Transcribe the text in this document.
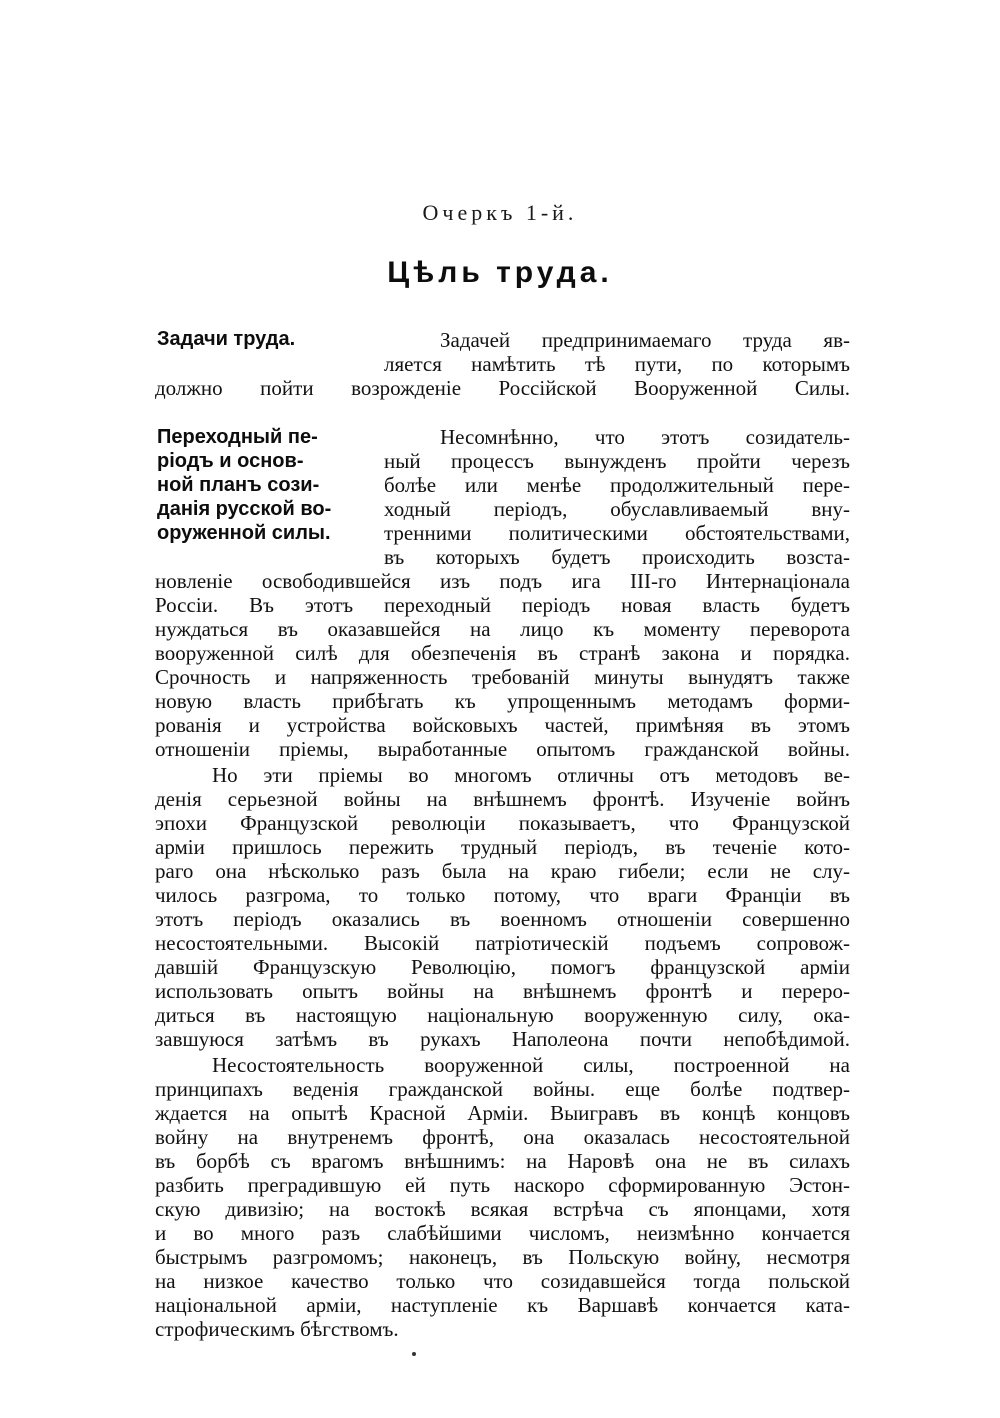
Очеркъ 1-й.
Цѣль труда.
Задачи труда.
Переходный пе-
ріодъ и основ-
ной планъ сози-
данія русской во-
оруженной силы.
Задачей предпринимаемаго труда яв-
ляется намѣтить тѣ пути, по которымъ
должно пойти возрожденіе Россійской Вооруженной Силы.
Несомнѣнно, что этотъ созидатель-
ный процессъ вынужденъ пройти черезъ
болѣе или менѣе продолжительный пере-
ходный періодъ, обуславливаемый вну-
тренними политическими обстоятельствами,
въ которыхъ будетъ происходить возста-
новленіе освободившейся изъ подъ ига III-го Интернаціонала
Россіи. Въ этотъ переходный періодъ новая власть будетъ
нуждаться въ оказавшейся на лицо къ моменту переворота
вооруженной силѣ для обезпеченія въ странѣ закона и порядка.
Срочность и напряженность требованій минуты вынудятъ также
новую власть прибѣгать къ упрощеннымъ методамъ форми-
рованія и устройства войсковыхъ частей, примѣняя въ этомъ
отношеніи пріемы, выработанные опытомъ гражданской войны.
Но эти пріемы во многомъ отличны отъ методовъ ве-
денія серьезной войны на внѣшнемъ фронтѣ. Изученіе войнъ
эпохи Французской революціи показываетъ, что Французской
арміи пришлось пережить трудный періодъ, въ теченіе кото-
раго она нѣсколько разъ была на краю гибели; если не слу-
чилось разгрома, то только потому, что враги Франціи въ
этотъ періодъ оказались въ военномъ отношеніи совершенно
несостоятельными. Высокій патріотическій подъемъ сопровож-
давшій Французскую Революцію, помогъ французской арміи
использовать опытъ войны на внѣшнемъ фронтѣ и переро-
диться въ настоящую національную вооруженную силу, ока-
завшуюся затѣмъ въ рукахъ Наполеона почти непобѣдимой.
Несостоятельность вооруженной силы, построенной на
принципахъ веденія гражданской войны. еще болѣе подтвер-
ждается на опытѣ Красной Арміи. Выигравъ въ концѣ концовъ
войну на внутренемъ фронтѣ, она оказалась несостоятельной
въ борбѣ съ врагомъ внѣшнимъ: на Наровѣ она не въ силахъ
разбить преградившую ей путь наскоро сформированную Эстон-
скую дивизію; на востокѣ всякая встрѣча съ японцами, хотя
и во много разъ слабѣйшими числомъ, неизмѣнно кончается
быстрымъ разгромомъ; наконецъ, въ Польскую войну, несмотря
на низкое качество только что созидавшейся тогда польской
національной арміи, наступленіе къ Варшавѣ кончается ката-
строфическимъ бѣгствомъ.
